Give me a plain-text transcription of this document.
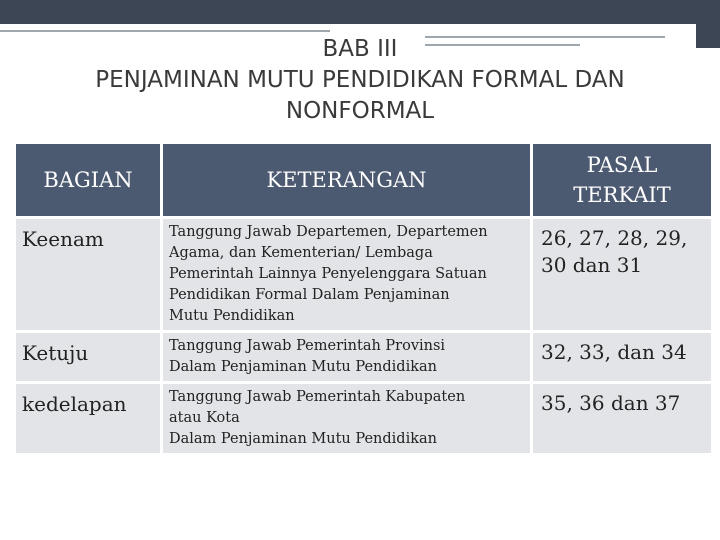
BAB III
PENJAMINAN MUTU PENDIDIKAN FORMAL DAN
NONFORMAL
BAGIAN	KETERANGAN	PASAL
TERKAIT
Keenam	Tanggung Jawab Departemen, Departemen
Agama, dan Kementerian/ Lembaga
Pemerintah Lainnya Penyelenggara Satuan
Pendidikan Formal Dalam Penjaminan
Mutu Pendidikan	26, 27, 28, 29,
30 dan 31
Ketuju	Tanggung Jawab Pemerintah Provinsi
Dalam Penjaminan Mutu Pendidikan	32, 33, dan 34
kedelapan	Tanggung Jawab Pemerintah Kabupaten
atau Kota
Dalam Penjaminan Mutu Pendidikan	35, 36 dan 37
